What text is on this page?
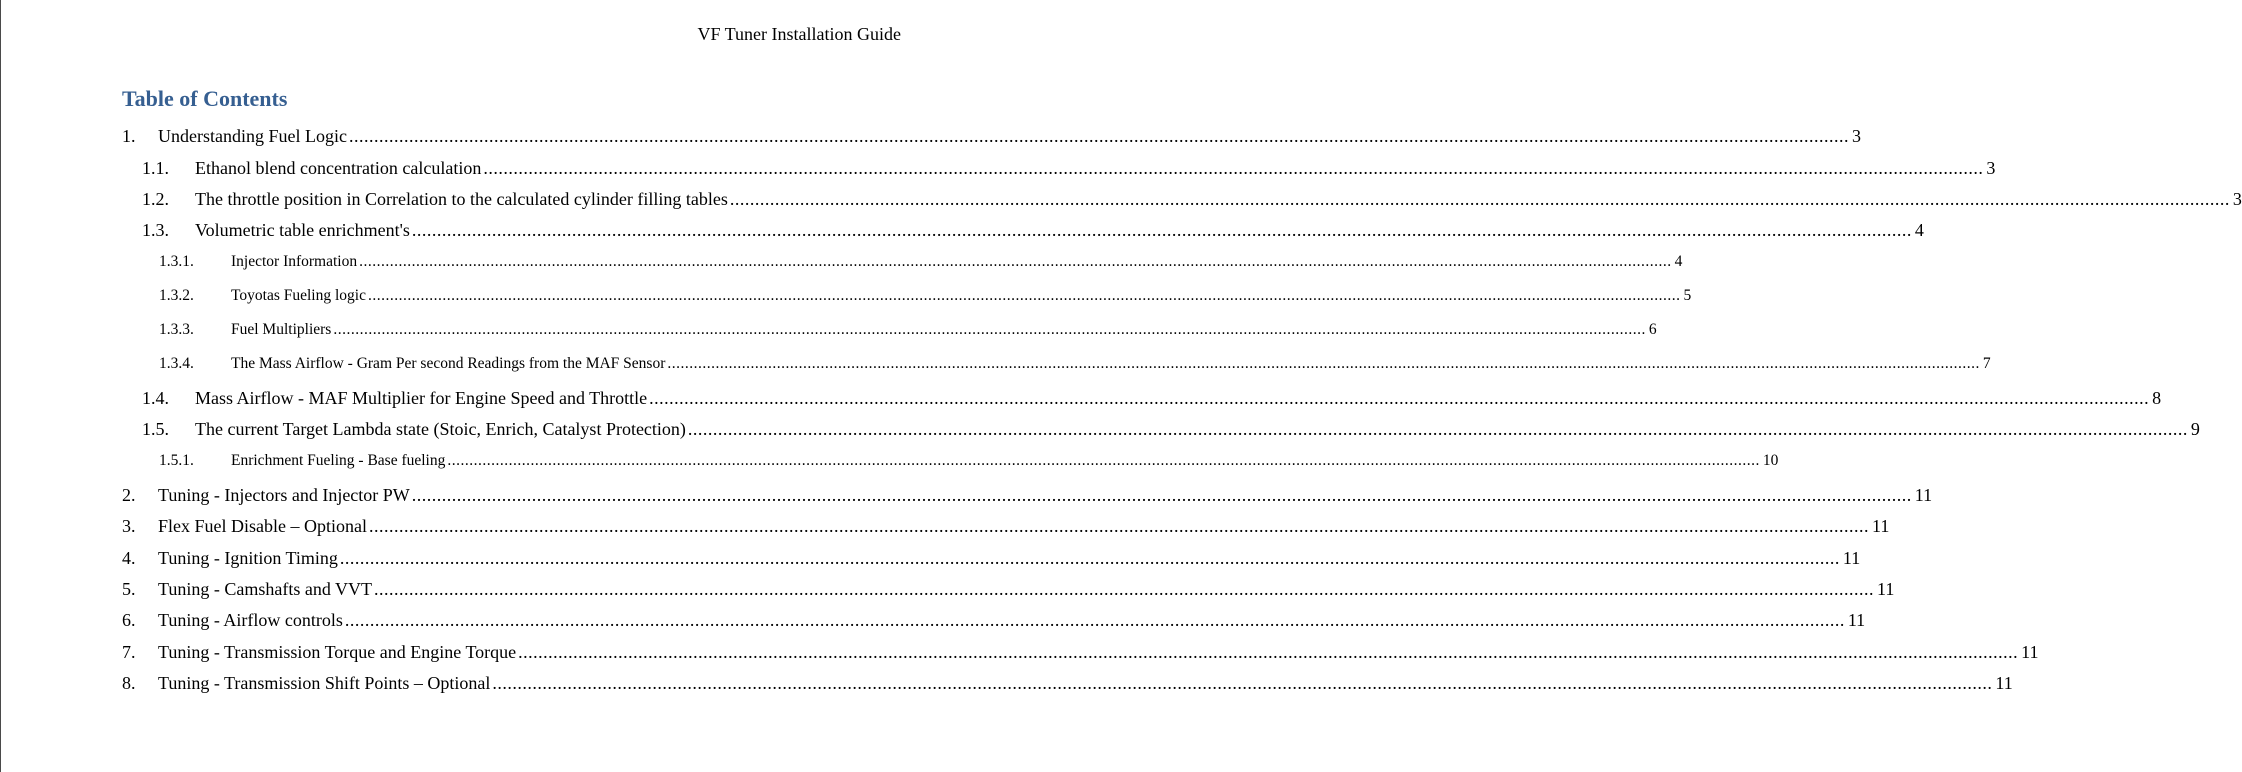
VF Tuner Installation Guide
Table of Contents
1.	Understanding Fuel Logic ............................................................................................................................................................................................................................................................................................................ 3
1.1.	Ethanol blend concentration calculation ............................................................................................................................................................................................................................................................................................................ 3
1.2.	The throttle position in Correlation to the calculated cylinder filling tables ............................................................................................................................................................................................................................................................................................................ 3
1.3.	Volumetric table enrichment's ............................................................................................................................................................................................................................................................................................................ 4
1.3.1.	Injector Information ............................................................................................................................................................................................................................................................................................................ 4
1.3.2.	Toyotas Fueling logic ............................................................................................................................................................................................................................................................................................................ 5
1.3.3.	Fuel Multipliers ............................................................................................................................................................................................................................................................................................................ 6
1.3.4.	The Mass Airflow - Gram Per second Readings from the MAF Sensor ............................................................................................................................................................................................................................................................................................................ 7
1.4.	Mass Airflow - MAF Multiplier for Engine Speed and Throttle ............................................................................................................................................................................................................................................................................................................ 8
1.5.	The current Target Lambda state (Stoic, Enrich, Catalyst Protection) ............................................................................................................................................................................................................................................................................................................ 9
1.5.1.	Enrichment Fueling - Base fueling ............................................................................................................................................................................................................................................................................................................ 10
2.	Tuning - Injectors and Injector PW ............................................................................................................................................................................................................................................................................................................ 11
3.	Flex Fuel Disable – Optional ............................................................................................................................................................................................................................................................................................................ 11
4.	Tuning - Ignition Timing ............................................................................................................................................................................................................................................................................................................ 11
5.	Tuning - Camshafts and VVT ............................................................................................................................................................................................................................................................................................................ 11
6.	Tuning - Airflow controls ............................................................................................................................................................................................................................................................................................................ 11
7.	Tuning - Transmission Torque and Engine Torque ............................................................................................................................................................................................................................................................................................................ 11
8.	Tuning - Transmission Shift Points – Optional ............................................................................................................................................................................................................................................................................................................ 11
